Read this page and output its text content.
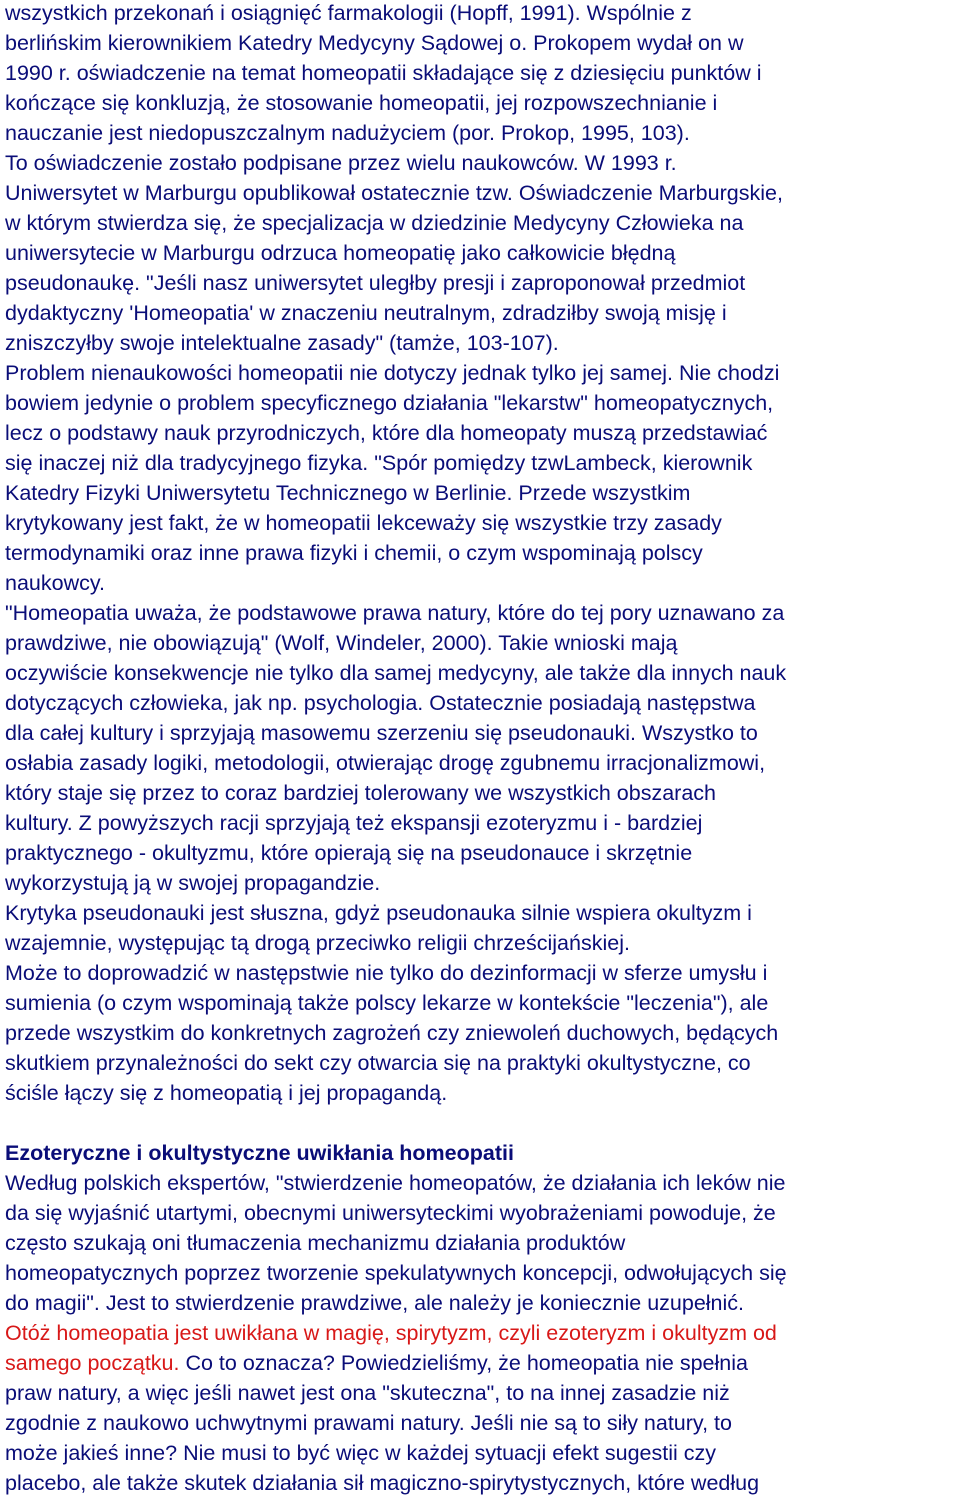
wszystkich przekonań i osiągnięć farmakologii (Hopff, 1991). Wspólnie z
berlińskim kierownikiem Katedry Medycyny Sądowej o. Prokopem wydał on w
1990 r. oświadczenie na temat homeopatii składające się z dziesięciu punktów i
kończące się konkluzją, że stosowanie homeopatii, jej rozpowszechnianie i
nauczanie jest niedopuszczalnym nadużyciem (por. Prokop, 1995, 103).
To oświadczenie zostało podpisane przez wielu naukowców. W 1993 r.
Uniwersytet w Marburgu opublikował ostatecznie tzw. Oświadczenie Marburgskie,
w którym stwierdza się, że specjalizacja w dziedzinie Medycyny Człowieka na
uniwersytecie w Marburgu odrzuca homeopatię jako całkowicie błędną
pseudonaukę. "Jeśli nasz uniwersytet uległby presji i zaproponował przedmiot
dydaktyczny 'Homeopatia' w znaczeniu neutralnym, zdradziłby swoją misję i
zniszczyłby swoje intelektualne zasady" (tamże, 103-107).
Problem nienaukowości homeopatii nie dotyczy jednak tylko jej samej. Nie chodzi
bowiem jedynie o problem specyficznego działania "lekarstw" homeopatycznych,
lecz o podstawy nauk przyrodniczych, które dla homeopaty muszą przedstawiać
się inaczej niż dla tradycyjnego fizyka. "Spór pomiędzy tzwLambeck, kierownik
Katedry Fizyki Uniwersytetu Technicznego w Berlinie. Przede wszystkim
krytykowany jest fakt, że w homeopatii lekceważy się wszystkie trzy zasady
termodynamiki oraz inne prawa fizyki i chemii, o czym wspominają polscy
naukowcy.
"Homeopatia uważa, że podstawowe prawa natury, które do tej pory uznawano za
prawdziwe, nie obowiązują" (Wolf, Windeler, 2000). Takie wnioski mają
oczywiście konsekwencje nie tylko dla samej medycyny, ale także dla innych nauk
dotyczących człowieka, jak np. psychologia. Ostatecznie posiadają następstwa
dla całej kultury i sprzyjają masowemu szerzeniu się pseudonauki. Wszystko to
osłabia zasady logiki, metodologii, otwierając drogę zgubnemu irracjonalizmowi,
który staje się przez to coraz bardziej tolerowany we wszystkich obszarach
kultury. Z powyższych racji sprzyjają też ekspansji ezoteryzmu i - bardziej
praktycznego - okultyzmu, które opierają się na pseudonauce i skrzętnie
wykorzystują ją w swojej propagandzie.
Krytyka pseudonauki jest słuszna, gdyż pseudonauka silnie wspiera okultyzm i
wzajemnie, występując tą drogą przeciwko religii chrześcijańskiej.
Może to doprowadzić w następstwie nie tylko do dezinformacji w sferze umysłu i
sumienia (o czym wspominają także polscy lekarze w kontekście "leczenia"), ale
przede wszystkim do konkretnych zagrożeń czy zniewoleń duchowych, będących
skutkiem przynależności do sekt czy otwarcia się na praktyki okultystyczne, co
ściśle łączy się z homeopatią i jej propagandą.
Ezoteryczne i okultystyczne uwikłania homeopatii
Według polskich ekspertów, "stwierdzenie homeopatów, że działania ich leków nie
da się wyjaśnić utartymi, obecnymi uniwersyteckimi wyobrażeniami powoduje, że
często szukają oni tłumaczenia mechanizmu działania produktów
homeopatycznych poprzez tworzenie spekulatywnych koncepcji, odwołujących się
do magii". Jest to stwierdzenie prawdziwe, ale należy je koniecznie uzupełnić.
Otóż homeopatia jest uwikłana w magię, spirytyzm, czyli ezoteryzm i okultyzm od
samego początku. Co to oznacza? Powiedzieliśmy, że homeopatia nie spełnia
praw natury, a więc jeśli nawet jest ona "skuteczna", to na innej zasadzie niż
zgodnie z naukowo uchwytnymi prawami natury. Jeśli nie są to siły natury, to
może jakieś inne? Nie musi to być więc w każdej sytuacji efekt sugestii czy
placebo, ale także skutek działania sił magiczno-spirytystycznych, które według
